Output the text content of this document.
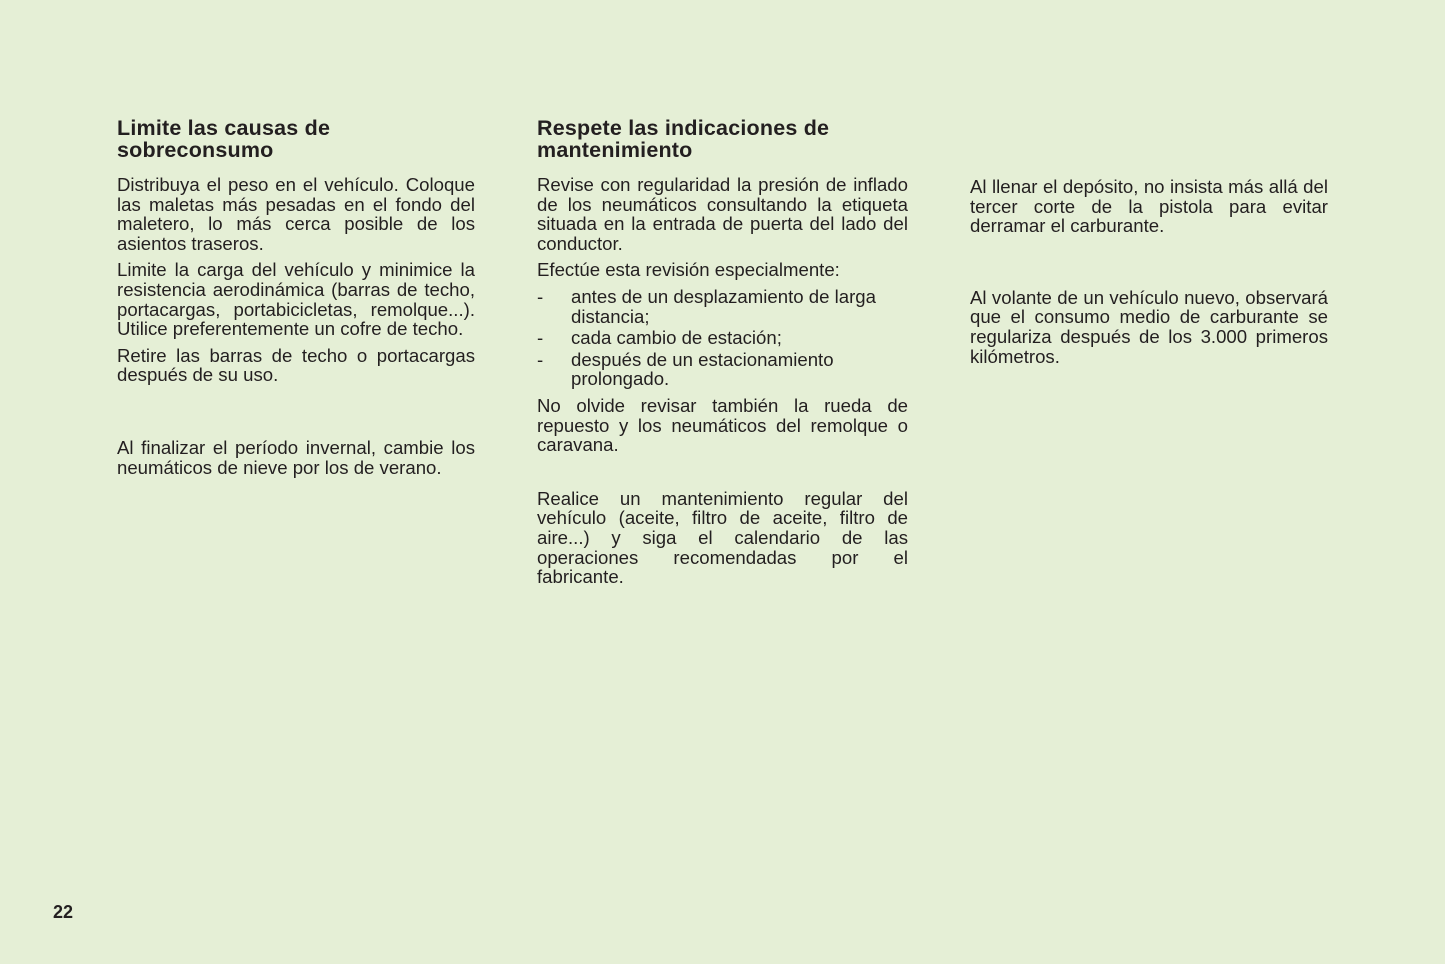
Limite las causas de sobreconsumo

Distribuya el peso en el vehículo. Coloque las maletas más pesadas en el fondo del maletero, lo más cerca posible de los asientos traseros.

Limite la carga del vehículo y minimice la resistencia aerodinámica (barras de techo, portacargas, portabicicletas, remolque...). Utilice preferentemente un cofre de techo.

Retire las barras de techo o portacargas después de su uso.

Al finalizar el período invernal, cambie los neumáticos de nieve por los de verano.

Respete las indicaciones de mantenimiento

Revise con regularidad la presión de inflado de los neumáticos consultando la etiqueta situada en la entrada de puerta del lado del conductor.

Efectúe esta revisión especialmente:

- antes de un desplazamiento de larga distancia;
- cada cambio de estación;
- después de un estacionamiento prolongado.

No olvide revisar también la rueda de repuesto y los neumáticos del remolque o caravana.

Realice un mantenimiento regular del vehículo (aceite, filtro de aceite, filtro de aire...) y siga el calendario de las operaciones recomendadas por el fabricante.

Al llenar el depósito, no insista más allá del tercer corte de la pistola para evitar derramar el carburante.

Al volante de un vehículo nuevo, observará que el consumo medio de carburante se regulariza después de los 3.000 primeros kilómetros.

22
